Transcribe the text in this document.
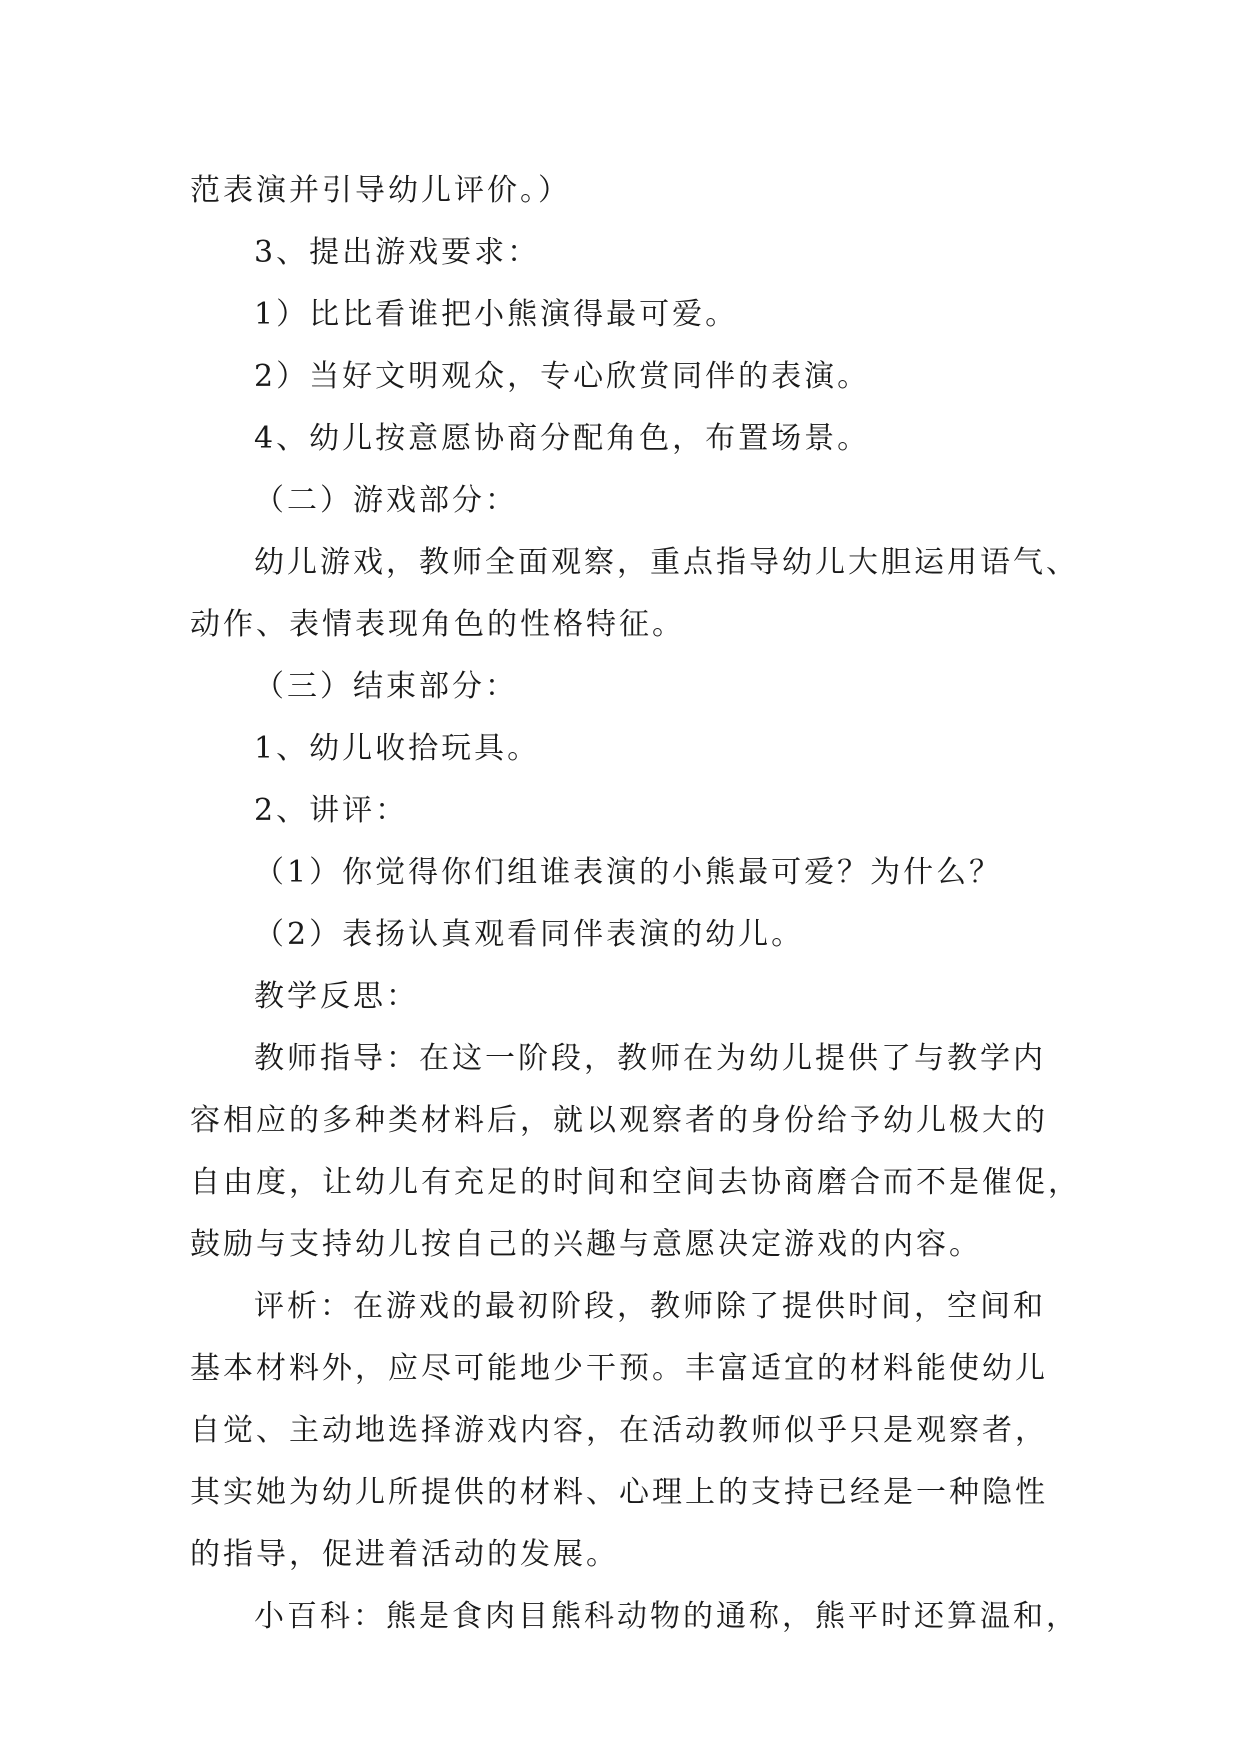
范表演并引导幼儿评价。）
3、提出游戏要求：
1）比比看谁把小熊演得最可爱。
2）当好文明观众，专心欣赏同伴的表演。
4、幼儿按意愿协商分配角色，布置场景。
（二）游戏部分：
幼儿游戏，教师全面观察，重点指导幼儿大胆运用语气、
动作、表情表现角色的性格特征。
（三）结束部分：
1、幼儿收拾玩具。
2、讲评：
（1）你觉得你们组谁表演的小熊最可爱？为什么？
（2）表扬认真观看同伴表演的幼儿。
教学反思：
教师指导：在这一阶段，教师在为幼儿提供了与教学内
容相应的多种类材料后，就以观察者的身份给予幼儿极大的
自由度，让幼儿有充足的时间和空间去协商磨合而不是催促，
鼓励与支持幼儿按自己的兴趣与意愿决定游戏的内容。
评析：在游戏的最初阶段，教师除了提供时间，空间和
基本材料外，应尽可能地少干预。丰富适宜的材料能使幼儿
自觉、主动地选择游戏内容，在活动教师似乎只是观察者，
其实她为幼儿所提供的材料、心理上的支持已经是一种隐性
的指导，促进着活动的发展。
小百科：熊是食肉目熊科动物的通称，熊平时还算温和，
